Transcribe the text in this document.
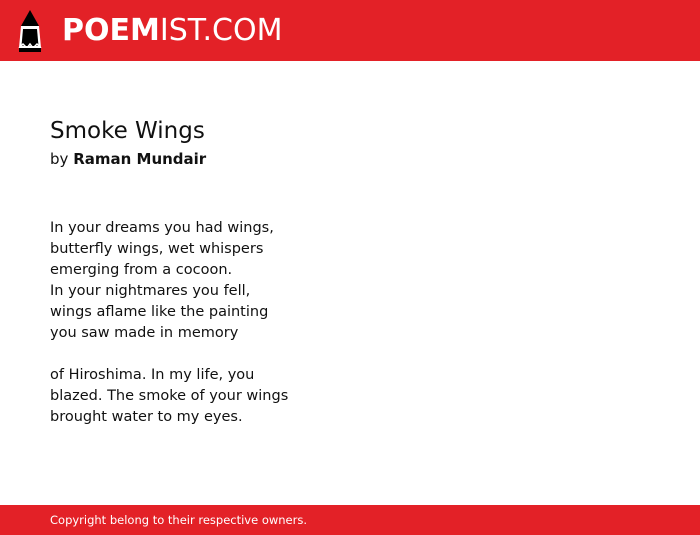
POEMIST.COM
Smoke Wings
by Raman Mundair
In your dreams you had wings,
butterfly wings, wet whispers
emerging from a cocoon.
In your nightmares you fell,
wings aflame like the painting
you saw made in memory
of Hiroshima. In my life, you
blazed. The smoke of your wings
brought water to my eyes.
Copyright belong to their respective owners.
